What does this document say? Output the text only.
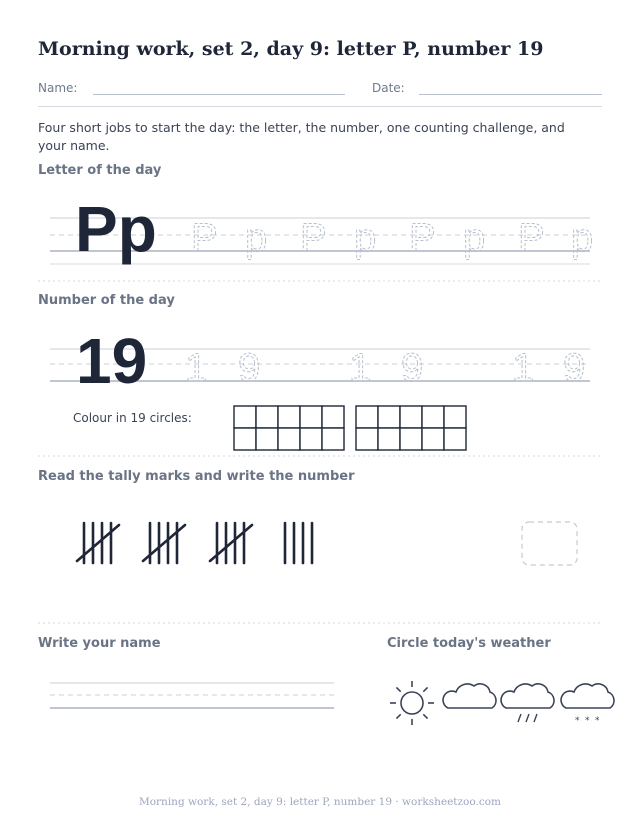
Morning work, set 2, day 9: letter P, number 19
Name:	Date:
Four short jobs to start the day: the letter, the number, one counting challenge, and your name.
Letter of the day
Pp P p P p P p P p
19 1 9 1 9 1 9
* * *
Number of the day
Colour in 19 circles:
Read the tally marks and write the number
Write your name	Circle today's weather
Morning work, set 2, day 9: letter P, number 19 · worksheetzoo.com
